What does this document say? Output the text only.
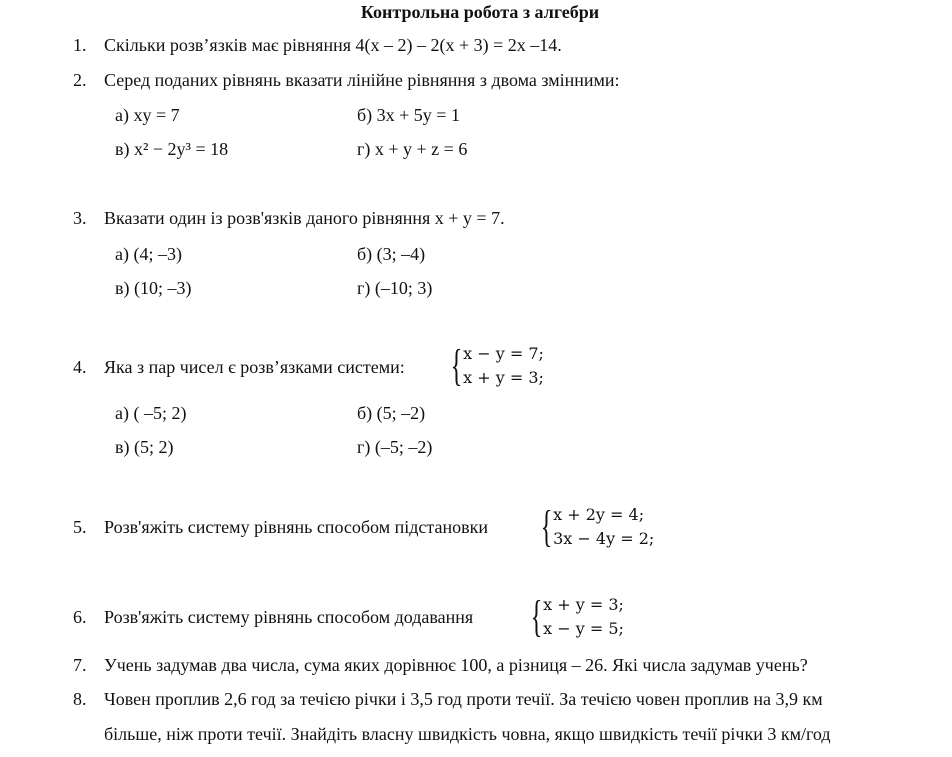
Контрольна робота з алгебри
1. Скільки розв’язків має рівняння 4(x – 2) – 2(x + 3) = 2x –14.
2. Серед поданих рівнянь вказати лінійне рівняння з двома змінними:
а) xy = 7	б) 3x + 5y = 1
в) x² − 2y³ = 18	г) x + y + z = 6
3. Вказати один із розв'язків даного рівняння x + y = 7.
а) (4; –3)	б) (3; –4)
в) (10; –3)	г) (–10; 3)
4. Яка з пар чисел є розв’язками системи: { x − y = 7;
x + y = 3;
а) ( –5; 2)	б) (5; –2)
в) (5; 2)	г) (–5; –2)
5. Розв'яжіть систему рівнянь способом підстановки { x + 2y = 4;
3x − 4y = 2;
6. Розв'яжіть систему рівнянь способом додавання { x + y = 3;
x − y = 5;
7. Учень задумав два числа, сума яких дорівнює 100, а різниця – 26. Які числа задумав учень?
8. Човен проплив 2,6 год за течією річки і 3,5 год проти течії. За течією човен проплив на 3,9 км
більше, ніж проти течії. Знайдіть власну швидкість човна, якщо швидкість течії річки 3 км/год
